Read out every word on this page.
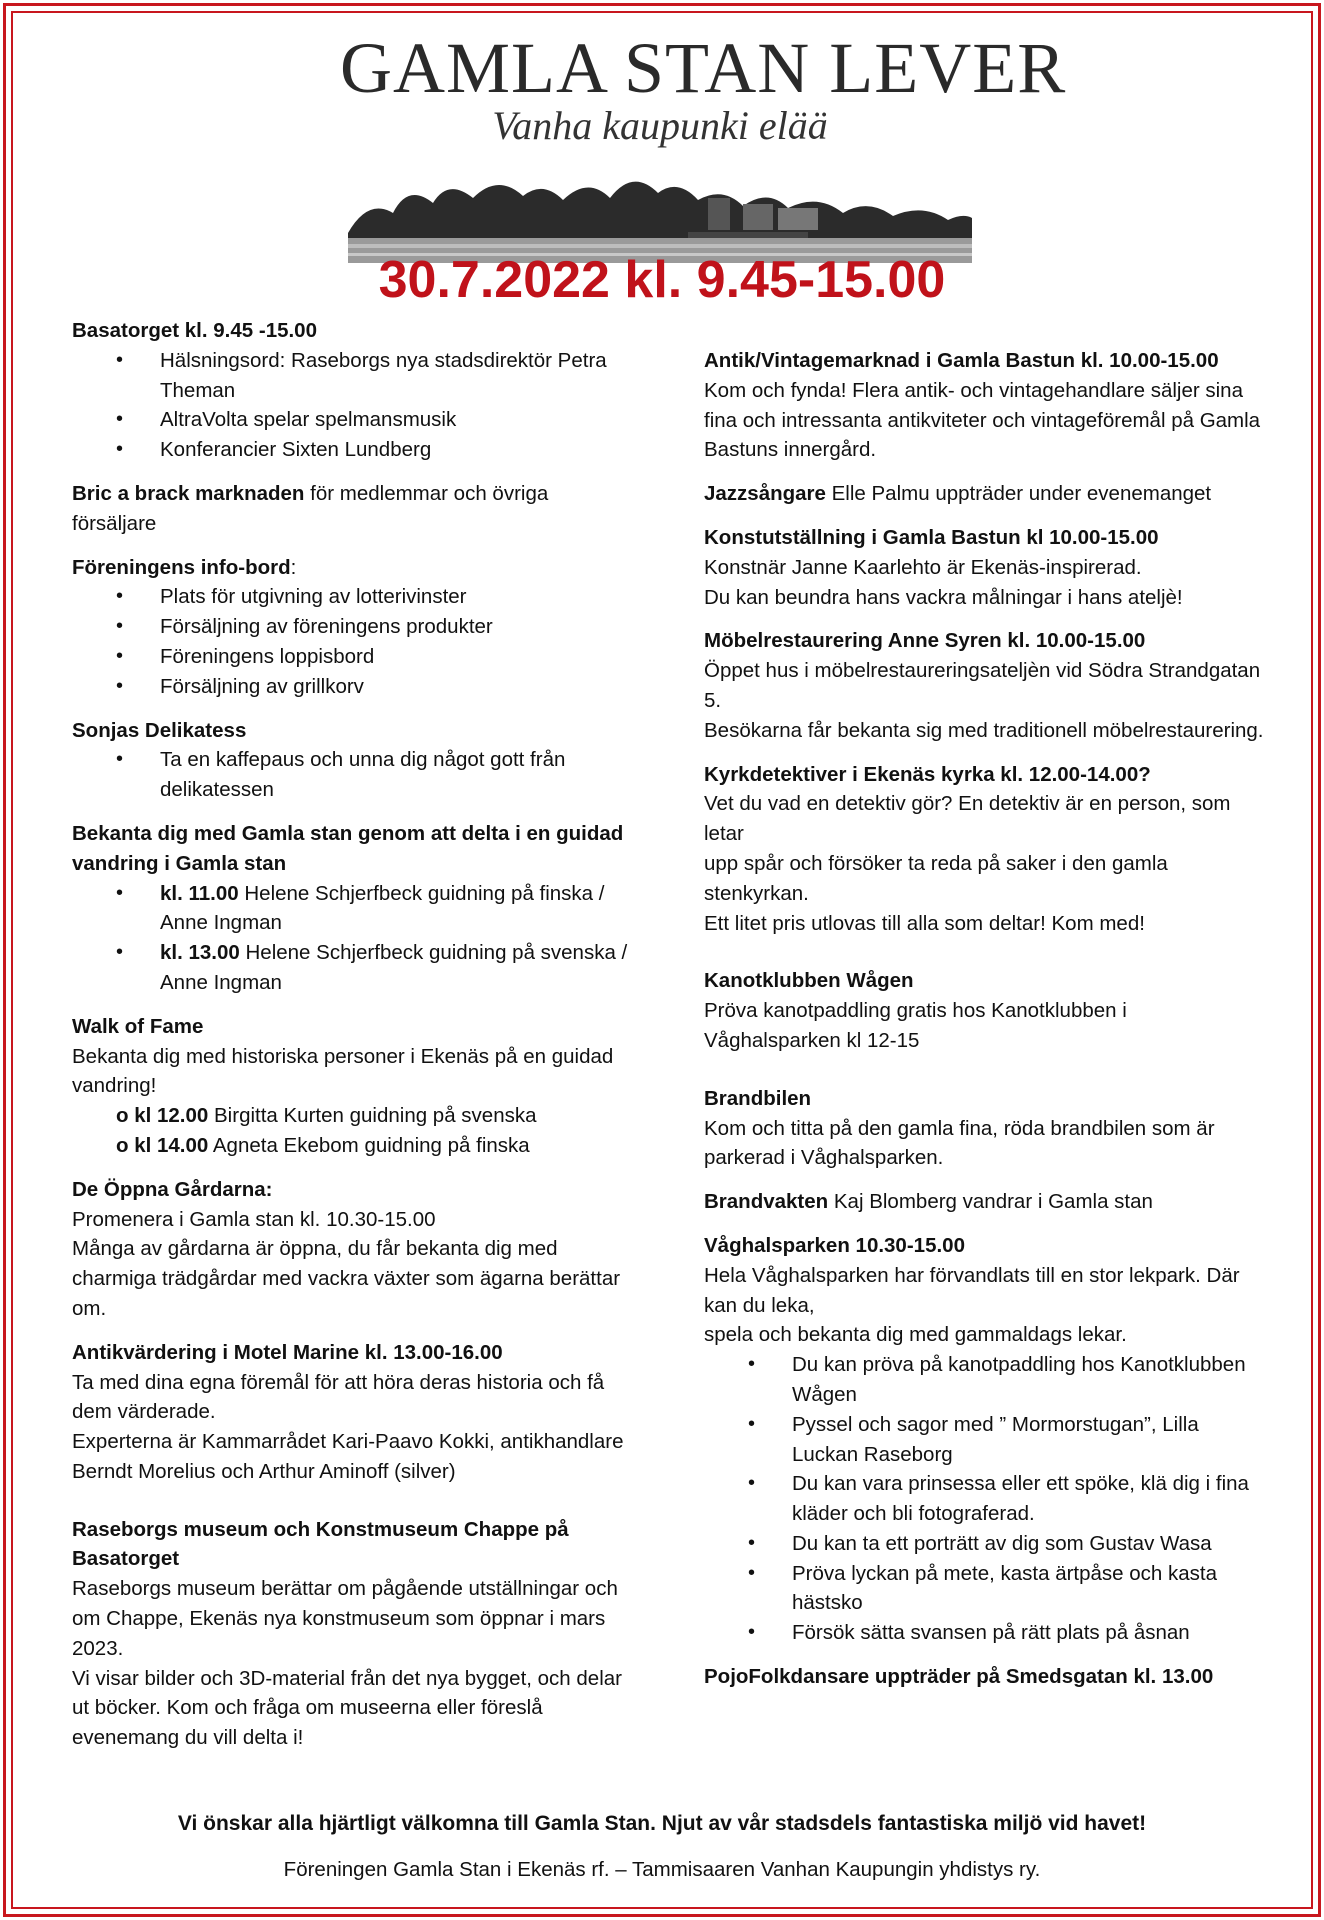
GAMLA STAN LEVER
Vanha kaupunki elää
30.7.2022 kl. 9.45-15.00

Basatorget kl. 9.45 -15.00

• Hälsningsord: Raseborgs nya stadsdirektör Petra Theman
• AltraVolta spelar spelmansmusik
• Konferancier Sixten Lundberg

Bric a brack marknaden för medlemmar och övriga försäljare

Föreningens info-bord:

• Plats för utgivning av lotterivinster
• Försäljning av föreningens produkter
• Föreningens loppisbord
• Försäljning av grillkorv

Sonjas Delikatess

• Ta en kaffepaus och unna dig något gott från delikatessen

Bekanta dig med Gamla stan genom att delta i en guidad vandring i Gamla stan

• kl. 11.00 Helene Schjerfbeck guidning på finska / Anne Ingman
• kl. 13.00 Helene Schjerfbeck guidning på svenska / Anne Ingman

Walk of Fame

Bekanta dig med historiska personer i Ekenäs på en guidad vandring!

o kl 12.00 Birgitta Kurten guidning på svenska

o kl 14.00 Agneta Ekebom guidning på finska

De Öppna Gårdarna:

Promenera i Gamla stan kl. 10.30-15.00

Många av gårdarna är öppna, du får bekanta dig med charmiga trädgårdar med vackra växter som ägarna berättar om.

Antikvärdering i Motel Marine kl. 13.00-16.00

Ta med dina egna föremål för att höra deras historia och få dem värderade.

Experterna är Kammarrådet Kari-Paavo Kokki, antikhandlare Berndt Morelius och Arthur Aminoff (silver)

Raseborgs museum och Konstmuseum Chappe på Basatorget

Raseborgs museum berättar om pågående utställningar och om Chappe, Ekenäs nya konstmuseum som öppnar i mars 2023.

Vi visar bilder och 3D-material från det nya bygget, och delar ut böcker. Kom och fråga om museerna eller föreslå evenemang du vill delta i!

Antik/Vintagemarknad i Gamla Bastun kl. 10.00-15.00

Kom och fynda! Flera antik- och vintagehandlare säljer sina fina och intressanta antikviteter och vintageföremål på Gamla Bastuns innergård.

Jazzsångare Elle Palmu uppträder under evenemanget

Konstutställning i Gamla Bastun kl 10.00-15.00

Konstnär Janne Kaarlehto är Ekenäs-inspirerad.

Du kan beundra hans vackra målningar i hans ateljè!

Möbelrestaurering Anne Syren kl. 10.00-15.00

Öppet hus i möbelrestaureringsateljèn vid Södra Strandgatan 5.

Besökarna får bekanta sig med traditionell möbelrestaurering.

Kyrkdetektiver i Ekenäs kyrka kl. 12.00-14.00?

Vet du vad en detektiv gör? En detektiv är en person, som letar

upp spår och försöker ta reda på saker i den gamla stenkyrkan.

Ett litet pris utlovas till alla som deltar! Kom med!

Kanotklubben Wågen

Pröva kanotpaddling gratis hos Kanotklubben i Våghalsparken kl 12-15

Brandbilen

Kom och titta på den gamla fina, röda brandbilen som är parkerad i Våghalsparken.

Brandvakten Kaj Blomberg vandrar i Gamla stan

Våghalsparken 10.30-15.00

Hela Våghalsparken har förvandlats till en stor lekpark. Där kan du leka,

spela och bekanta dig med gammaldags lekar.

• Du kan pröva på kanotpaddling hos Kanotklubben Wågen
• Pyssel och sagor med ” Mormorstugan”, Lilla Luckan Raseborg
• Du kan vara prinsessa eller ett spöke, klä dig i fina kläder och bli fotograferad.
• Du kan ta ett porträtt av dig som Gustav Wasa
• Pröva lyckan på mete, kasta ärtpåse och kasta hästsko
• Försök sätta svansen på rätt plats på åsnan

PojoFolkdansare uppträder på Smedsgatan kl. 13.00

Vi önskar alla hjärtligt välkomna till Gamla Stan. Njut av vår stadsdels fantastiska miljö vid havet!
Föreningen Gamla Stan i Ekenäs rf. – Tammisaaren Vanhan Kaupungin yhdistys ry.
